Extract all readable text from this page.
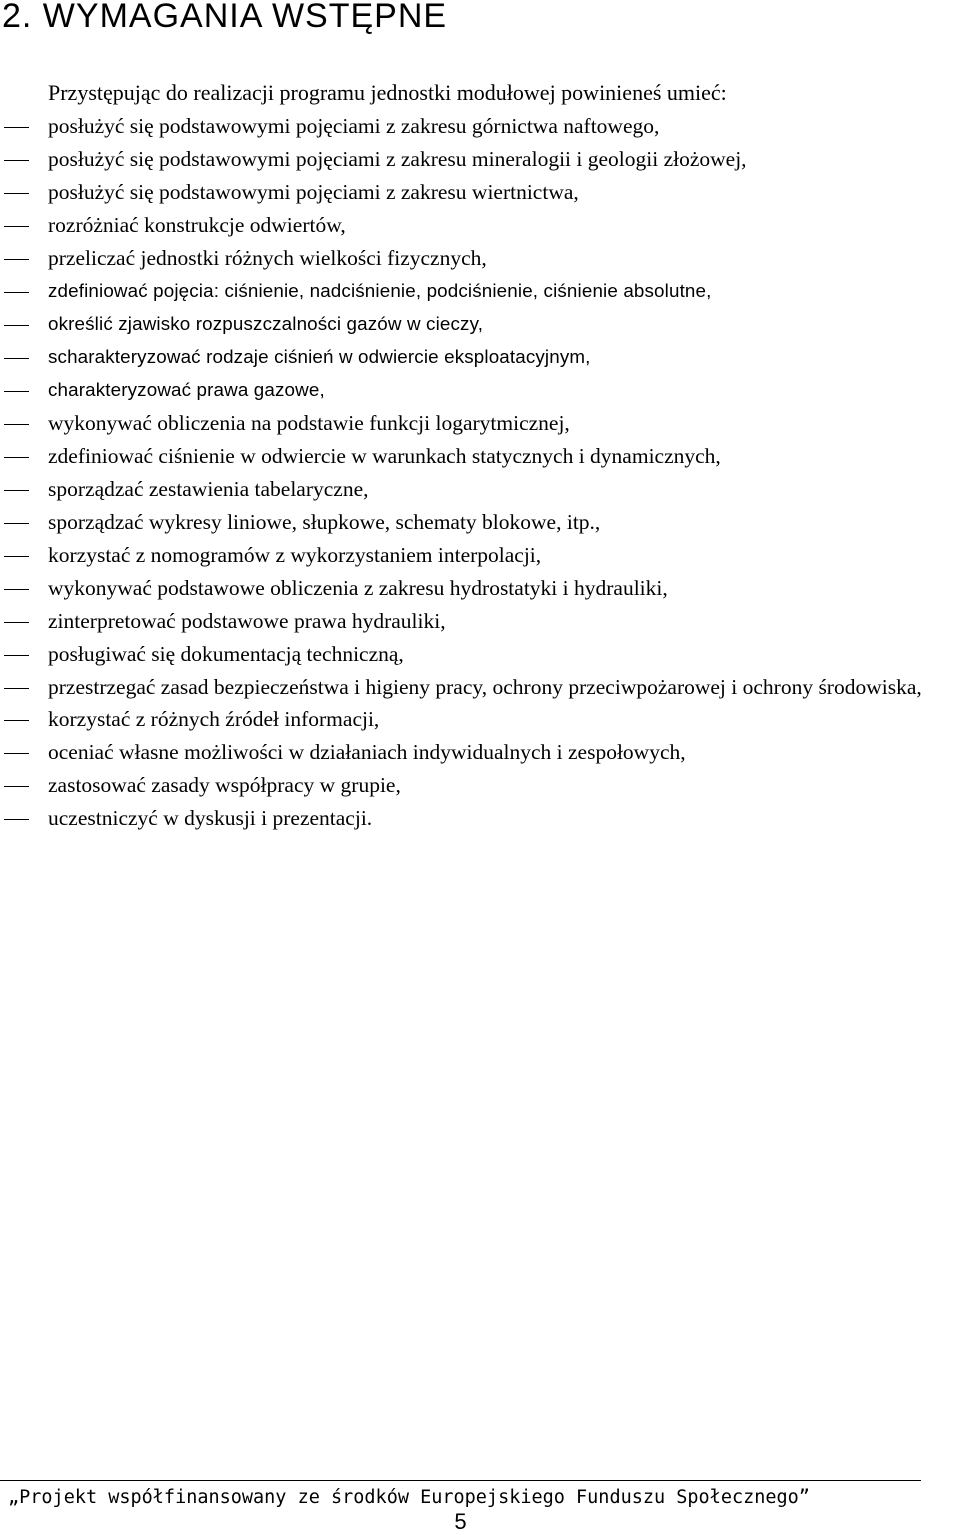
2. WYMAGANIA WSTĘPNE
Przystępując do realizacji programu jednostki modułowej powinieneś umieć:
posłużyć się podstawowymi pojęciami z zakresu górnictwa naftowego,
posłużyć się podstawowymi pojęciami z zakresu mineralogii i geologii złożowej,
posłużyć się podstawowymi pojęciami z zakresu wiertnictwa,
rozróżniać konstrukcje odwiertów,
przeliczać jednostki różnych wielkości fizycznych,
zdefiniować pojęcia: ciśnienie, nadciśnienie, podciśnienie, ciśnienie absolutne,
określić zjawisko rozpuszczalności gazów w cieczy,
scharakteryzować rodzaje ciśnień w odwiercie eksploatacyjnym,
charakteryzować prawa gazowe,
wykonywać obliczenia na podstawie funkcji logarytmicznej,
zdefiniować ciśnienie w odwiercie w warunkach statycznych i dynamicznych,
sporządzać zestawienia tabelaryczne,
sporządzać wykresy liniowe, słupkowe, schematy blokowe, itp.,
korzystać z nomogramów z wykorzystaniem interpolacji,
wykonywać podstawowe obliczenia z zakresu hydrostatyki i hydrauliki,
zinterpretować podstawowe prawa hydrauliki,
posługiwać się dokumentacją techniczną,
przestrzegać zasad bezpieczeństwa i higieny pracy, ochrony przeciwpożarowej i ochrony środowiska,
korzystać z różnych źródeł informacji,
oceniać własne możliwości w działaniach indywidualnych i zespołowych,
zastosować zasady współpracy w grupie,
uczestniczyć w dyskusji i prezentacji.
„Projekt współfinansowany ze środków Europejskiego Funduszu Społecznego”
5
